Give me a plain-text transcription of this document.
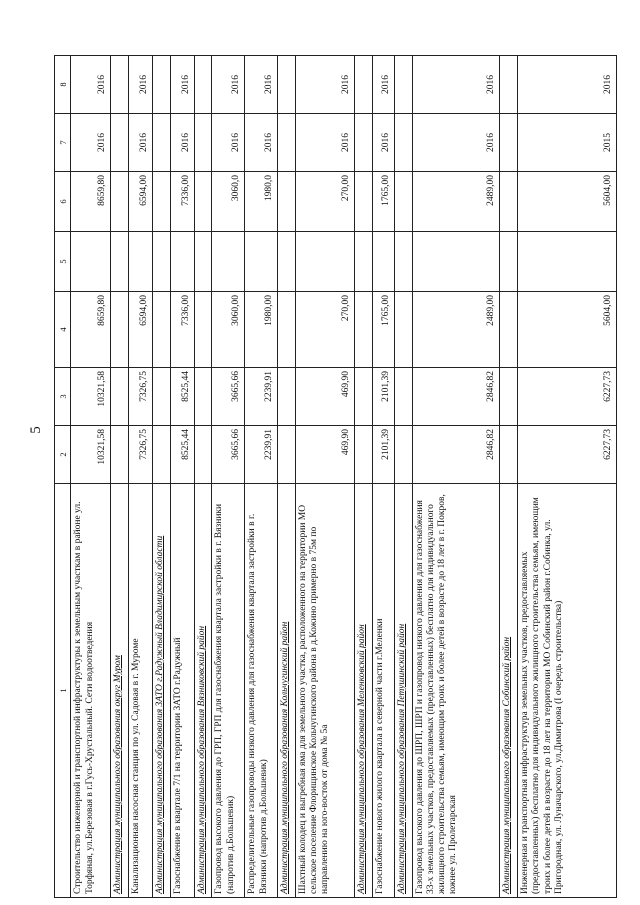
5
1	2	3	4	5	6	7	8
Строительство инженерной и транспортной инфраструктуры к земельным участкам в районе ул. Торфяная, ул.Березовая в г.Гусь-Хрустальный. Сети водоотведения	10321,58	10321,58	8659,80		8659,80	2016	2016
Администрация муниципального образования округ Муром							
Канализационная насосная станция по ул. Садовая в г. Муроме	7326,75	7326,75	6594,00		6594,00	2016	2016
Администрация муниципального образования ЗАТО г.Радужный Владимирской области							
Газоснабжение в квартале 7/1 на территории ЗАТО г.Радужный	8525,44	8525,44	7336,00		7336,00	2016	2016
Администрация муниципального образования Вязниковский район							
Газопровод высокого давления до ГРП, ГРП для газоснабжения квартала застройки в г. Вязники (напротив д.Большевик)	3665,66	3665,66	3060,00		3060,0	2016	2016
Распределительные газопроводы низкого давления для газоснабжения квартала застройки в г. Вязники (напротив д.Большевик)	2239,91	2239,91	1980,00		1980,0	2016	2016
Администрация муниципального образования Кольчугинский район							
Шахтный колодец и выгребная яма для земельного участка, расположенного на территории МО сельское поселение Флорищинское Кольчугинского района в д.Кожино примерно в 75м по направлению на юго-восток от дома № 5а	469,90	469,90	270,00		270,00	2016	2016
Администрация муниципального образования Меленковский район							
Газоснабжение нового жилого квартала в северной части г.Меленки	2101,39	2101,39	1765,00		1765,00	2016	2016
Администрация муниципального образования Петушинский район							
Газопровод высокого давления до ШРП, ШРП и газопровод низкого давления для газоснабжения 33-х земельных участков, предоставляемых (предоставленных) бесплатно для индивидуального жилищного строительства семьям, имеющим троих и более детей в возрасте до 18 лет в г. Покров, южнее ул. Пролетарская	2846,82	2846,82	2489,00		2489,00	2016	2016
Администрация муниципального образования Собинский район							
Инженерная и транспортная инфраструктура земельных участков, предоставляемых (предоставленных) бесплатно для индивидуального жилищного строительства семьям, имеющим троих и более детей в возрасте до 18 лет на территории МО Собинский район г.Собинка, ул. Пригородная, ул. Луначарского, ул.Димитрова (I очередь строительства)	6227,73	6227,73	5604,00		5604,00	2015	2016
